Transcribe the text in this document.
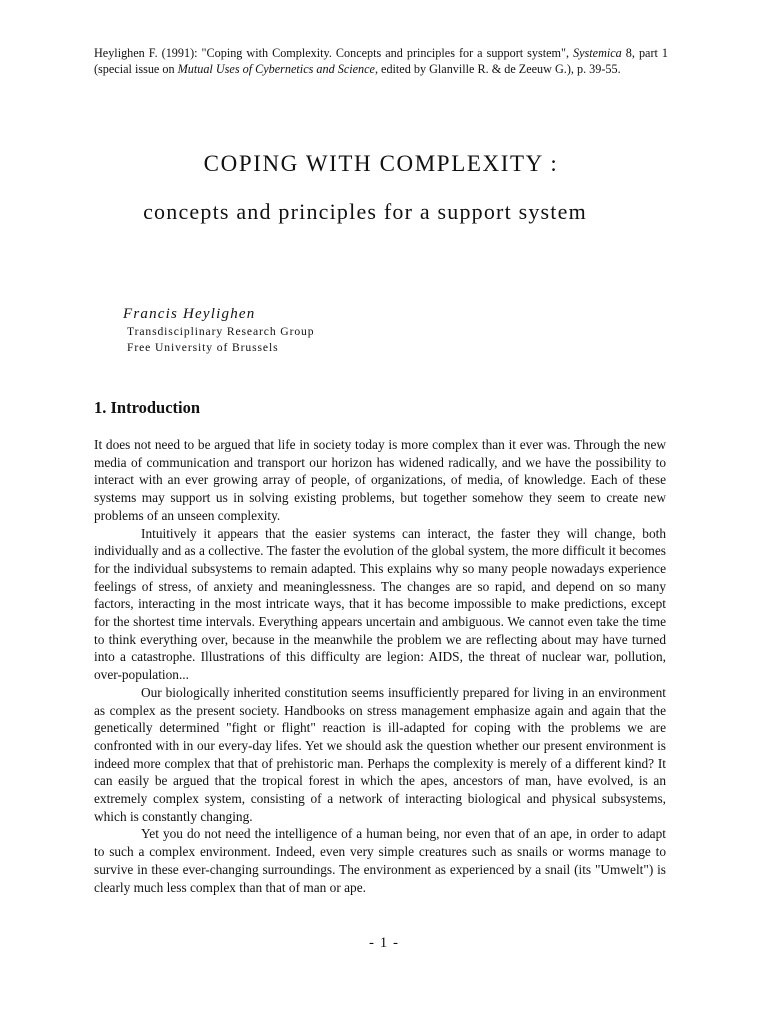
Heylighen F. (1991): "Coping with Complexity. Concepts and principles for a support system", Systemica 8, part 1 (special issue on Mutual Uses of Cybernetics and Science, edited by Glanville R. & de Zeeuw G.), p. 39-55.
COPING WITH COMPLEXITY :
concepts and principles for a support system
Francis Heylighen
Transdisciplinary Research Group
Free University of Brussels
1. Introduction

It does not need to be argued that life in society today is more complex than it ever was. Through the new media of communication and transport our horizon has widened radically, and we have the possibility to interact with an ever growing array of people, of organizations, of media, of knowledge. Each of these systems may support us in solving existing problems, but together somehow they seem to create new problems of an unseen complexity.

Intuitively it appears that the easier systems can interact, the faster they will change, both individually and as a collective. The faster the evolution of the global system, the more difficult it becomes for the individual subsystems to remain adapted. This explains why so many people nowadays experience feelings of stress, of anxiety and meaninglessness. The changes are so rapid, and depend on so many factors, interacting in the most intricate ways, that it has become impossible to make predictions, except for the shortest time intervals. Everything appears uncertain and ambiguous. We cannot even take the time to think everything over, because in the meanwhile the problem we are reflecting about may have turned into a catastrophe. Illustrations of this difficulty are legion: AIDS, the threat of nuclear war, pollution, over-population...

Our biologically inherited constitution seems insufficiently prepared for living in an environment as complex as the present society. Handbooks on stress management emphasize again and again that the genetically determined "fight or flight" reaction is ill-adapted for coping with the problems we are confronted with in our every-day lifes. Yet we should ask the question whether our present environment is indeed more complex that that of prehistoric man. Perhaps the complexity is merely of a different kind? It can easily be argued that the tropical forest in which the apes, ancestors of man, have evolved, is an extremely complex system, consisting of a network of interacting biological and physical subsystems, which is constantly changing.

Yet you do not need the intelligence of a human being, nor even that of an ape, in order to adapt to such a complex environment. Indeed, even very simple creatures such as snails or worms manage to survive in these ever-changing surroundings. The environment as experienced by a snail (its "Umwelt") is clearly much less complex than that of man or ape.

- 1 -
